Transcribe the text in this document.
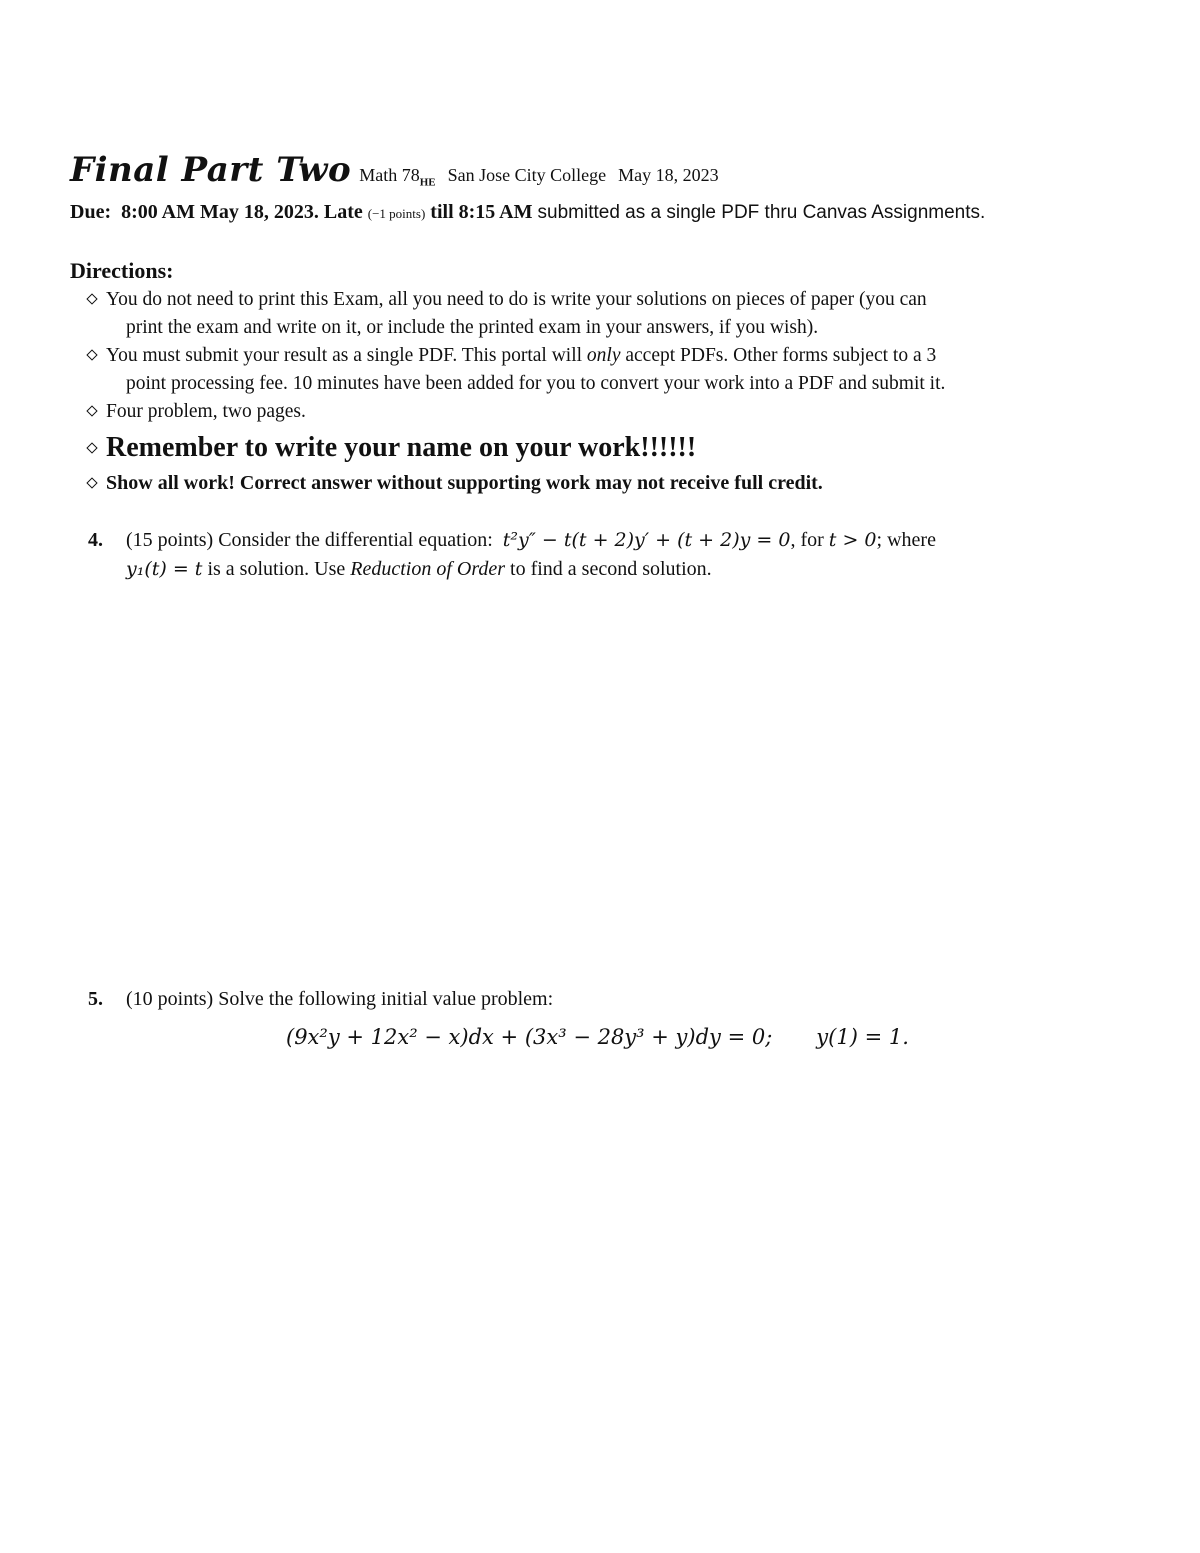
Final Part Two Math $78_{HE}$ San Jose City College May 18, 2023
Due: 8:00 AM May 18, 2023. Late (−1 points) till 8:15 AM submitted as a single PDF thru Canvas Assignments.
Directions:
You do not need to print this Exam, all you need to do is write your solutions on pieces of paper (you can
print the exam and write on it, or include the printed exam in your answers, if you wish).
You must submit your result as a single PDF. This portal will only accept PDFs. Other forms subject to a 3
point processing fee. 10 minutes have been added for you to convert your work into a PDF and submit it.
Four problem, two pages.
Remember to write your name on your work!!!!!!
Show all work! Correct answer without supporting work may not receive full credit.
4. (15 points) Consider the differential equation: t²y″ − t(t + 2)y′ + (t + 2)y = 0, for t > 0; where
y₁(t) = t is a solution. Use Reduction of Order to find a second solution.
5. (10 points) Solve the following initial value problem:
(9x²y + 12x² − x)dx + (3x³ − 28y³ + y)dy = 0; y(1) = 1.
